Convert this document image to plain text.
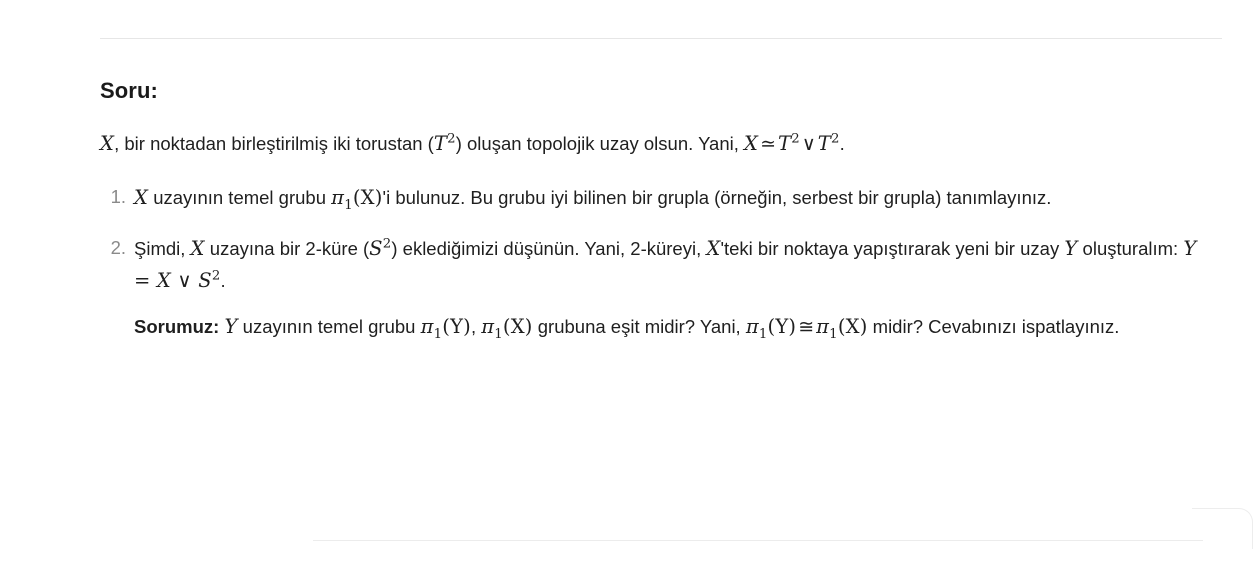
Soru:

X, bir noktadan birleştirilmiş iki torustan $(T^2)$ oluşan topolojik uzay olsun. Yani, X ≃ $T^2$ ∨ $T^2$.

X uzayının temel grubu $\pi_1(X)'i$ bulunuz. Bu grubu iyi bilinen bir grupla (örneğin, serbest bir grupla) tanımlayınız.
Şimdi, X uzayına bir 2-küre $(S^2)$ eklediğimizi düşünün. Yani, 2-küreyi, X'teki bir noktaya yapıştırarak yeni bir uzay Y oluşturalım: Y = X ∨ $S^2$.
Sorumuz: Y uzayının temel grubu $\pi_1(Y)$, $\pi_1(X)$ grubuna eşit midir? Yani, $\pi_1(Y)$ ≅ $\pi_1(X)$ midir? Cevabınızı ispatlayınız.
